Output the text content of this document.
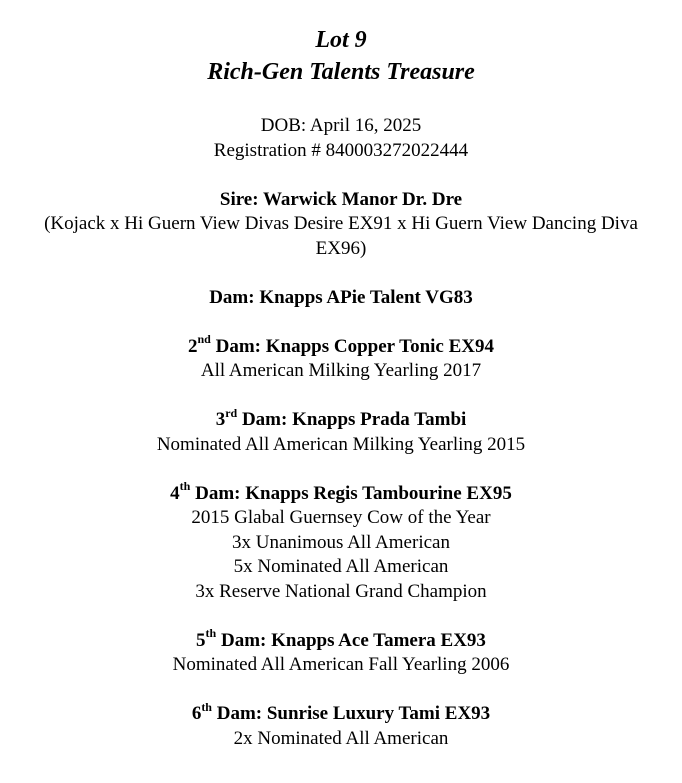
Lot 9
Rich-Gen Talents Treasure
DOB: April 16, 2025
Registration # 840003272022444
Sire: Warwick Manor Dr. Dre
(Kojack x Hi Guern View Divas Desire EX91 x Hi Guern View Dancing Diva EX96)
Dam: Knapps APie Talent VG83
2nd Dam: Knapps Copper Tonic EX94
All American Milking Yearling 2017
3rd Dam: Knapps Prada Tambi
Nominated All American Milking Yearling 2015
4th Dam: Knapps Regis Tambourine EX95
2015 Glabal Guernsey Cow of the Year
3x Unanimous All American
5x Nominated All American
3x Reserve National Grand Champion
5th Dam: Knapps Ace Tamera EX93
Nominated All American Fall Yearling 2006
6th Dam: Sunrise Luxury Tami EX93
2x Nominated All American
